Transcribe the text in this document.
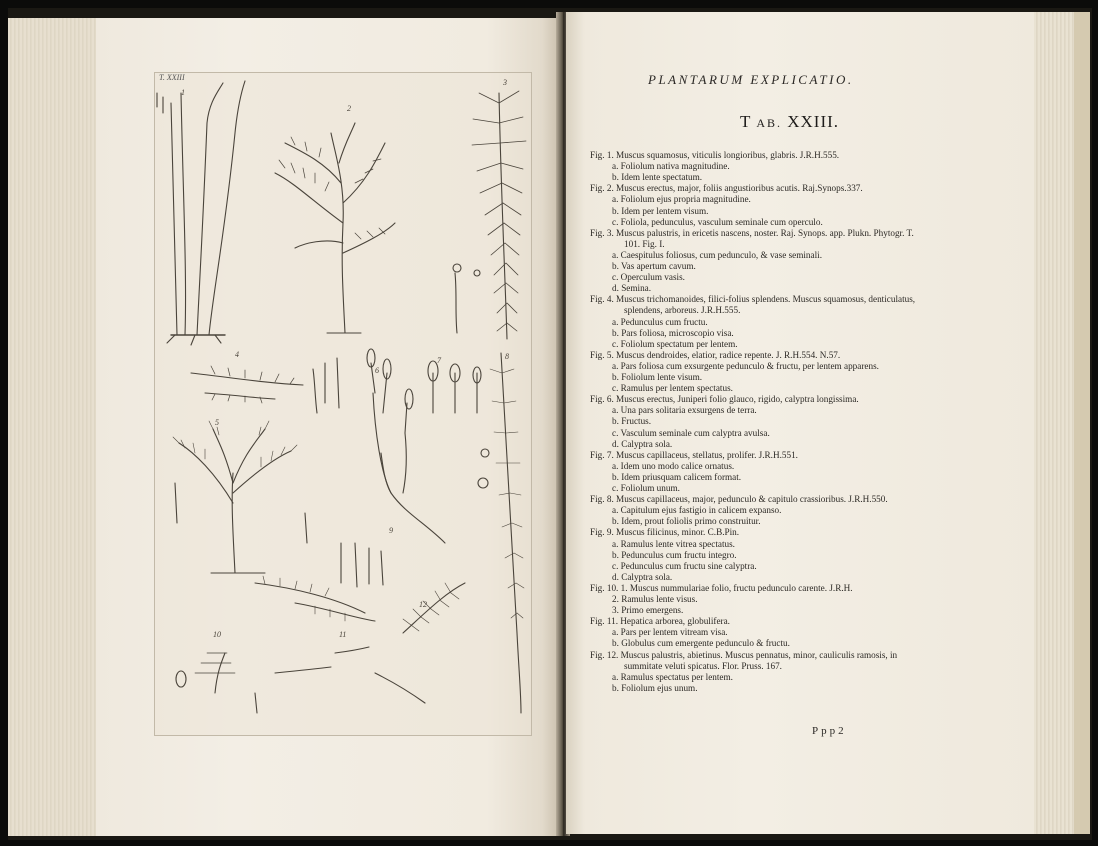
T. XXIII
1
2
3
4
5
6
7	8
9
10	11
12
PLANTARUM EXPLICATIO.
T AB. XXIII.
Fig. 1. Muscus squamosus, viticulis longioribus, glabris. J.R.H.555.
a. Foliolum nativa magnitudine.
b. Idem lente spectatum.
Fig. 2. Muscus erectus, major, foliis angustioribus acutis. Raj.Synops.337.
a. Foliolum ejus propria magnitudine.
b. Idem per lentem visum.
c. Foliola, pedunculus, vasculum seminale cum operculo.
Fig. 3. Muscus palustris, in ericetis nascens, noster. Raj. Synops. app. Plukn. Phytogr. T.
101. Fig. I.
a. Caespitulus foliosus, cum pedunculo, & vase seminali.
b. Vas apertum cavum.
c. Operculum vasis.
d. Semina.
Fig. 4. Muscus trichomanoides, filici-folius splendens. Muscus squamosus, denticulatus,
splendens, arboreus. J.R.H.555.
a. Pedunculus cum fructu.
b. Pars foliosa, microscopio visa.
c. Foliolum spectatum per lentem.
Fig. 5. Muscus dendroides, elatior, radice repente. J. R.H.554. N.57.
a. Pars foliosa cum exsurgente pedunculo & fructu, per lentem apparens.
b. Foliolum lente visum.
c. Ramulus per lentem spectatus.
Fig. 6. Muscus erectus, Juniperi folio glauco, rigido, calyptra longissima.
a. Una pars solitaria exsurgens de terra.
b. Fructus.
c. Vasculum seminale cum calyptra avulsa.
d. Calyptra sola.
Fig. 7. Muscus capillaceus, stellatus, prolifer. J.R.H.551.
a. Idem uno modo calice ornatus.
b. Idem priusquam calicem format.
c. Foliolum unum.
Fig. 8. Muscus capillaceus, major, pedunculo & capitulo crassioribus. J.R.H.550.
a. Capitulum ejus fastigio in calicem expanso.
b. Idem, prout foliolis primo construitur.
Fig. 9. Muscus filicinus, minor. C.B.Pin.
a. Ramulus lente vitrea spectatus.
b. Pedunculus cum fructu integro.
c. Pedunculus cum fructu sine calyptra.
d. Calyptra sola.
Fig. 10. 1. Muscus nummulariae folio, fructu pedunculo carente. J.R.H.
2. Ramulus lente visus.
3. Primo emergens.
Fig. 11. Hepatica arborea, globulifera.
a. Pars per lentem vitream visa.
b. Globulus cum emergente pedunculo & fructu.
Fig. 12. Muscus palustris, abietinus. Muscus pennatus, minor, cauliculis ramosis, in
summitate veluti spicatus. Flor. Pruss. 167.
a. Ramulus spectatus per lentem.
b. Foliolum ejus unum.
Ppp2
